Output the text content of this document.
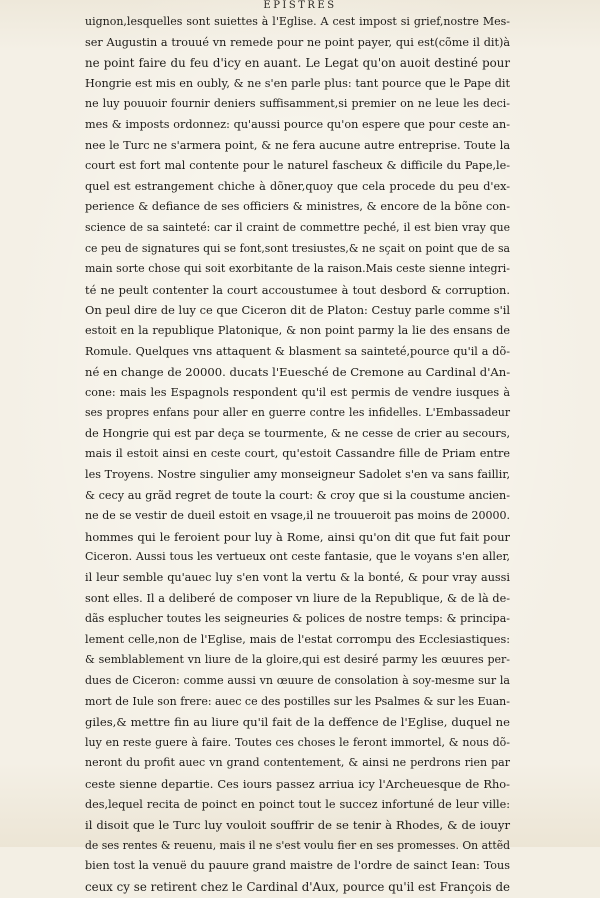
EPISTRES
uignon,lesquelles sont suiettes à l'Eglise. A cest impost si grief,nostre Mes-
ser Augustin a trouué vn remede pour ne point payer, qui est(cõme il dit)à
ne point faire du feu d'icy en auant. Le Legat qu'on auoit destiné pour
Hongrie est mis en oubly, & ne s'en parle plus: tant pource que le Pape dit
ne luy pouuoir fournir deniers suffisamment,si premier on ne leue les deci-
mes & imposts ordonnez: qu'aussi pource qu'on espere que pour ceste an-
nee le Turc ne s'armera point, & ne fera aucune autre entreprise. Toute la
court est fort mal contente pour le naturel fascheux & difficile du Pape,le-
quel est estrangement chiche à dõner,quoy que cela procede du peu d'ex-
perience & defiance de ses officiers & ministres, & encore de la bõne con-
science de sa sainteté: car il craint de commettre peché, il est bien vray que
ce peu de signatures qui se font,sont tresiustes,& ne sçait on point que de sa
main sorte chose qui soit exorbitante de la raison.Mais ceste sienne integri-
té ne peult contenter la court accoustumee à tout desbord & corruption.
On peul dire de luy ce que Ciceron dit de Platon: Cestuy parle comme s'il
estoit en la republique Platonique, & non point parmy la lie des ensans de
Romule. Quelques vns attaquent & blasment sa sainteté,pource qu'il a dõ-
né en change de 20000. ducats l'Euesché de Cremone au Cardinal d'An-
cone: mais les Espagnols respondent qu'il est permis de vendre iusques à
ses propres enfans pour aller en guerre contre les infidelles. L'Embassadeur
de Hongrie qui est par deça se tourmente, & ne cesse de crier au secours,
mais il estoit ainsi en ceste court, qu'estoit Cassandre fille de Priam entre
les Troyens. Nostre singulier amy monseigneur Sadolet s'en va sans faillir,
& cecy au grãd regret de toute la court: & croy que si la coustume ancien-
ne de se vestir de dueil estoit en vsage,il ne trouueroit pas moins de 20000.
hommes qui le feroient pour luy à Rome, ainsi qu'on dit que fut fait pour
Ciceron. Aussi tous les vertueux ont ceste fantasie, que le voyans s'en aller,
il leur semble qu'auec luy s'en vont la vertu & la bonté, & pour vray aussi
sont elles. Il a deliberé de composer vn liure de la Republique, & de là de-
dãs esplucher toutes les seigneuries & polices de nostre temps: & principa-
lement celle,non de l'Eglise, mais de l'estat corrompu des Ecclesiastiques:
& semblablement vn liure de la gloire,qui est desiré parmy les œuures per-
dues de Ciceron: comme aussi vn œuure de consolation à soy-mesme sur la
mort de Iule son frere: auec ce des postilles sur les Psalmes & sur les Euan-
giles,& mettre fin au liure qu'il fait de la deffence de l'Eglise, duquel ne
luy en reste guere à faire. Toutes ces choses le feront immortel, & nous dõ-
neront du profit auec vn grand contentement, & ainsi ne perdrons rien par
ceste sienne departie. Ces iours passez arriua icy l'Archeuesque de Rho-
des,lequel recita de poinct en poinct tout le succez infortuné de leur ville:
il disoit que le Turc luy vouloit souffrir de se tenir à Rhodes, & de iouyr
de ses rentes & reuenu, mais il ne s'est voulu fier en ses promesses. On attẽd
bien tost la venuë du pauure grand maistre de l'ordre de sainct Iean: Tous
ceux cy se retirent chez le Cardinal d'Aux, pource qu'il est François de
